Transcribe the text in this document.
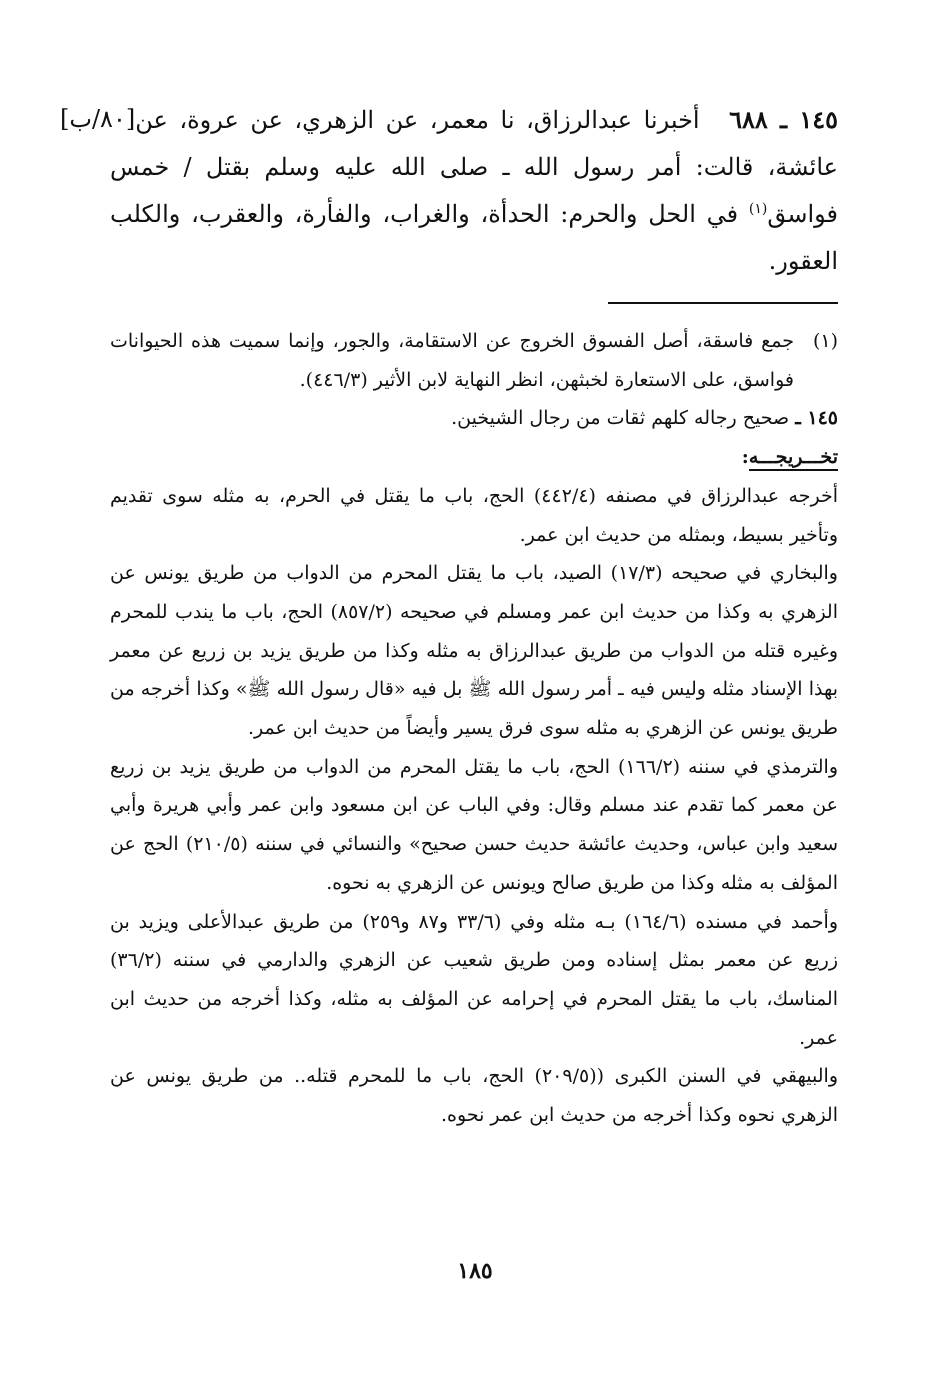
[٨٠/ب]	١٤٥ ـ ٦٨٨ أخبرنا عبدالرزاق، نا معمر، عن الزهري، عن عروة، عن عائشة، قالت: أمر رسول الله ـ صلى الله عليه وسلم بقتل / خمس فواسق$^{(١)}$ في الحل والحرم: الحدأة، والغراب، والفأرة، والعقرب، والكلب العقور.

(١)جمع فاسقة، أصل الفسوق الخروج عن الاستقامة، والجور، وإنما سميت هذه الحيوانات فواسق، على الاستعارة لخبثهن، انظر النهاية لابن الأثير (٤٤٦/٣).

١٤٥ ـ صحيح رجاله كلهم ثقات من رجال الشيخين.

تخـــريجـــه:

أخرجه عبدالرزاق في مصنفه (٤٤٢/٤) الحج، باب ما يقتل في الحرم، به مثله سوى تقديم وتأخير بسيط، وبمثله من حديث ابن عمر.

والبخاري في صحيحه (١٧/٣) الصيد، باب ما يقتل المحرم من الدواب من طريق يونس عن الزهري به وكذا من حديث ابن عمر ومسلم في صحيحه (٨٥٧/٢) الحج، باب ما يندب للمحرم وغيره قتله من الدواب من طريق عبدالرزاق به مثله وكذا من طريق يزيد بن زريع عن معمر بهذا الإسناد مثله وليس فيه ـ أمر رسول الله ﷺ بل فيه «قال رسول الله ﷺ» وكذا أخرجه من طريق يونس عن الزهري به مثله سوى فرق يسير وأيضاً من حديث ابن عمر.

والترمذي في سننه (١٦٦/٢) الحج، باب ما يقتل المحرم من الدواب من طريق يزيد بن زريع عن معمر كما تقدم عند مسلم وقال: وفي الباب عن ابن مسعود وابن عمر وأبي هريرة وأبي سعيد وابن عباس، وحديث عائشة حديث حسن صحيح» والنسائي في سننه (٢١٠/٥) الحج عن المؤلف به مثله وكذا من طريق صالح ويونس عن الزهري به نحوه.

وأحمد في مسنده (١٦٤/٦) بـه مثله وفي (٣٣/٦ و٨٧ و٢٥٩) من طريق عبدالأعلى ويزيد بن زريع عن معمر بمثل إسناده ومن طريق شعيب عن الزهري والدارمي في سننه (٣٦/٢) المناسك، باب ما يقتل المحرم في إحرامه عن المؤلف به مثله، وكذا أخرجه من حديث ابن عمر.

والبيهقي في السنن الكبرى ((٢٠٩/٥) الحج، باب ما للمحرم قتله.. من طريق يونس عن الزهري نحوه وكذا أخرجه من حديث ابن عمر نحوه.

١٨٥
